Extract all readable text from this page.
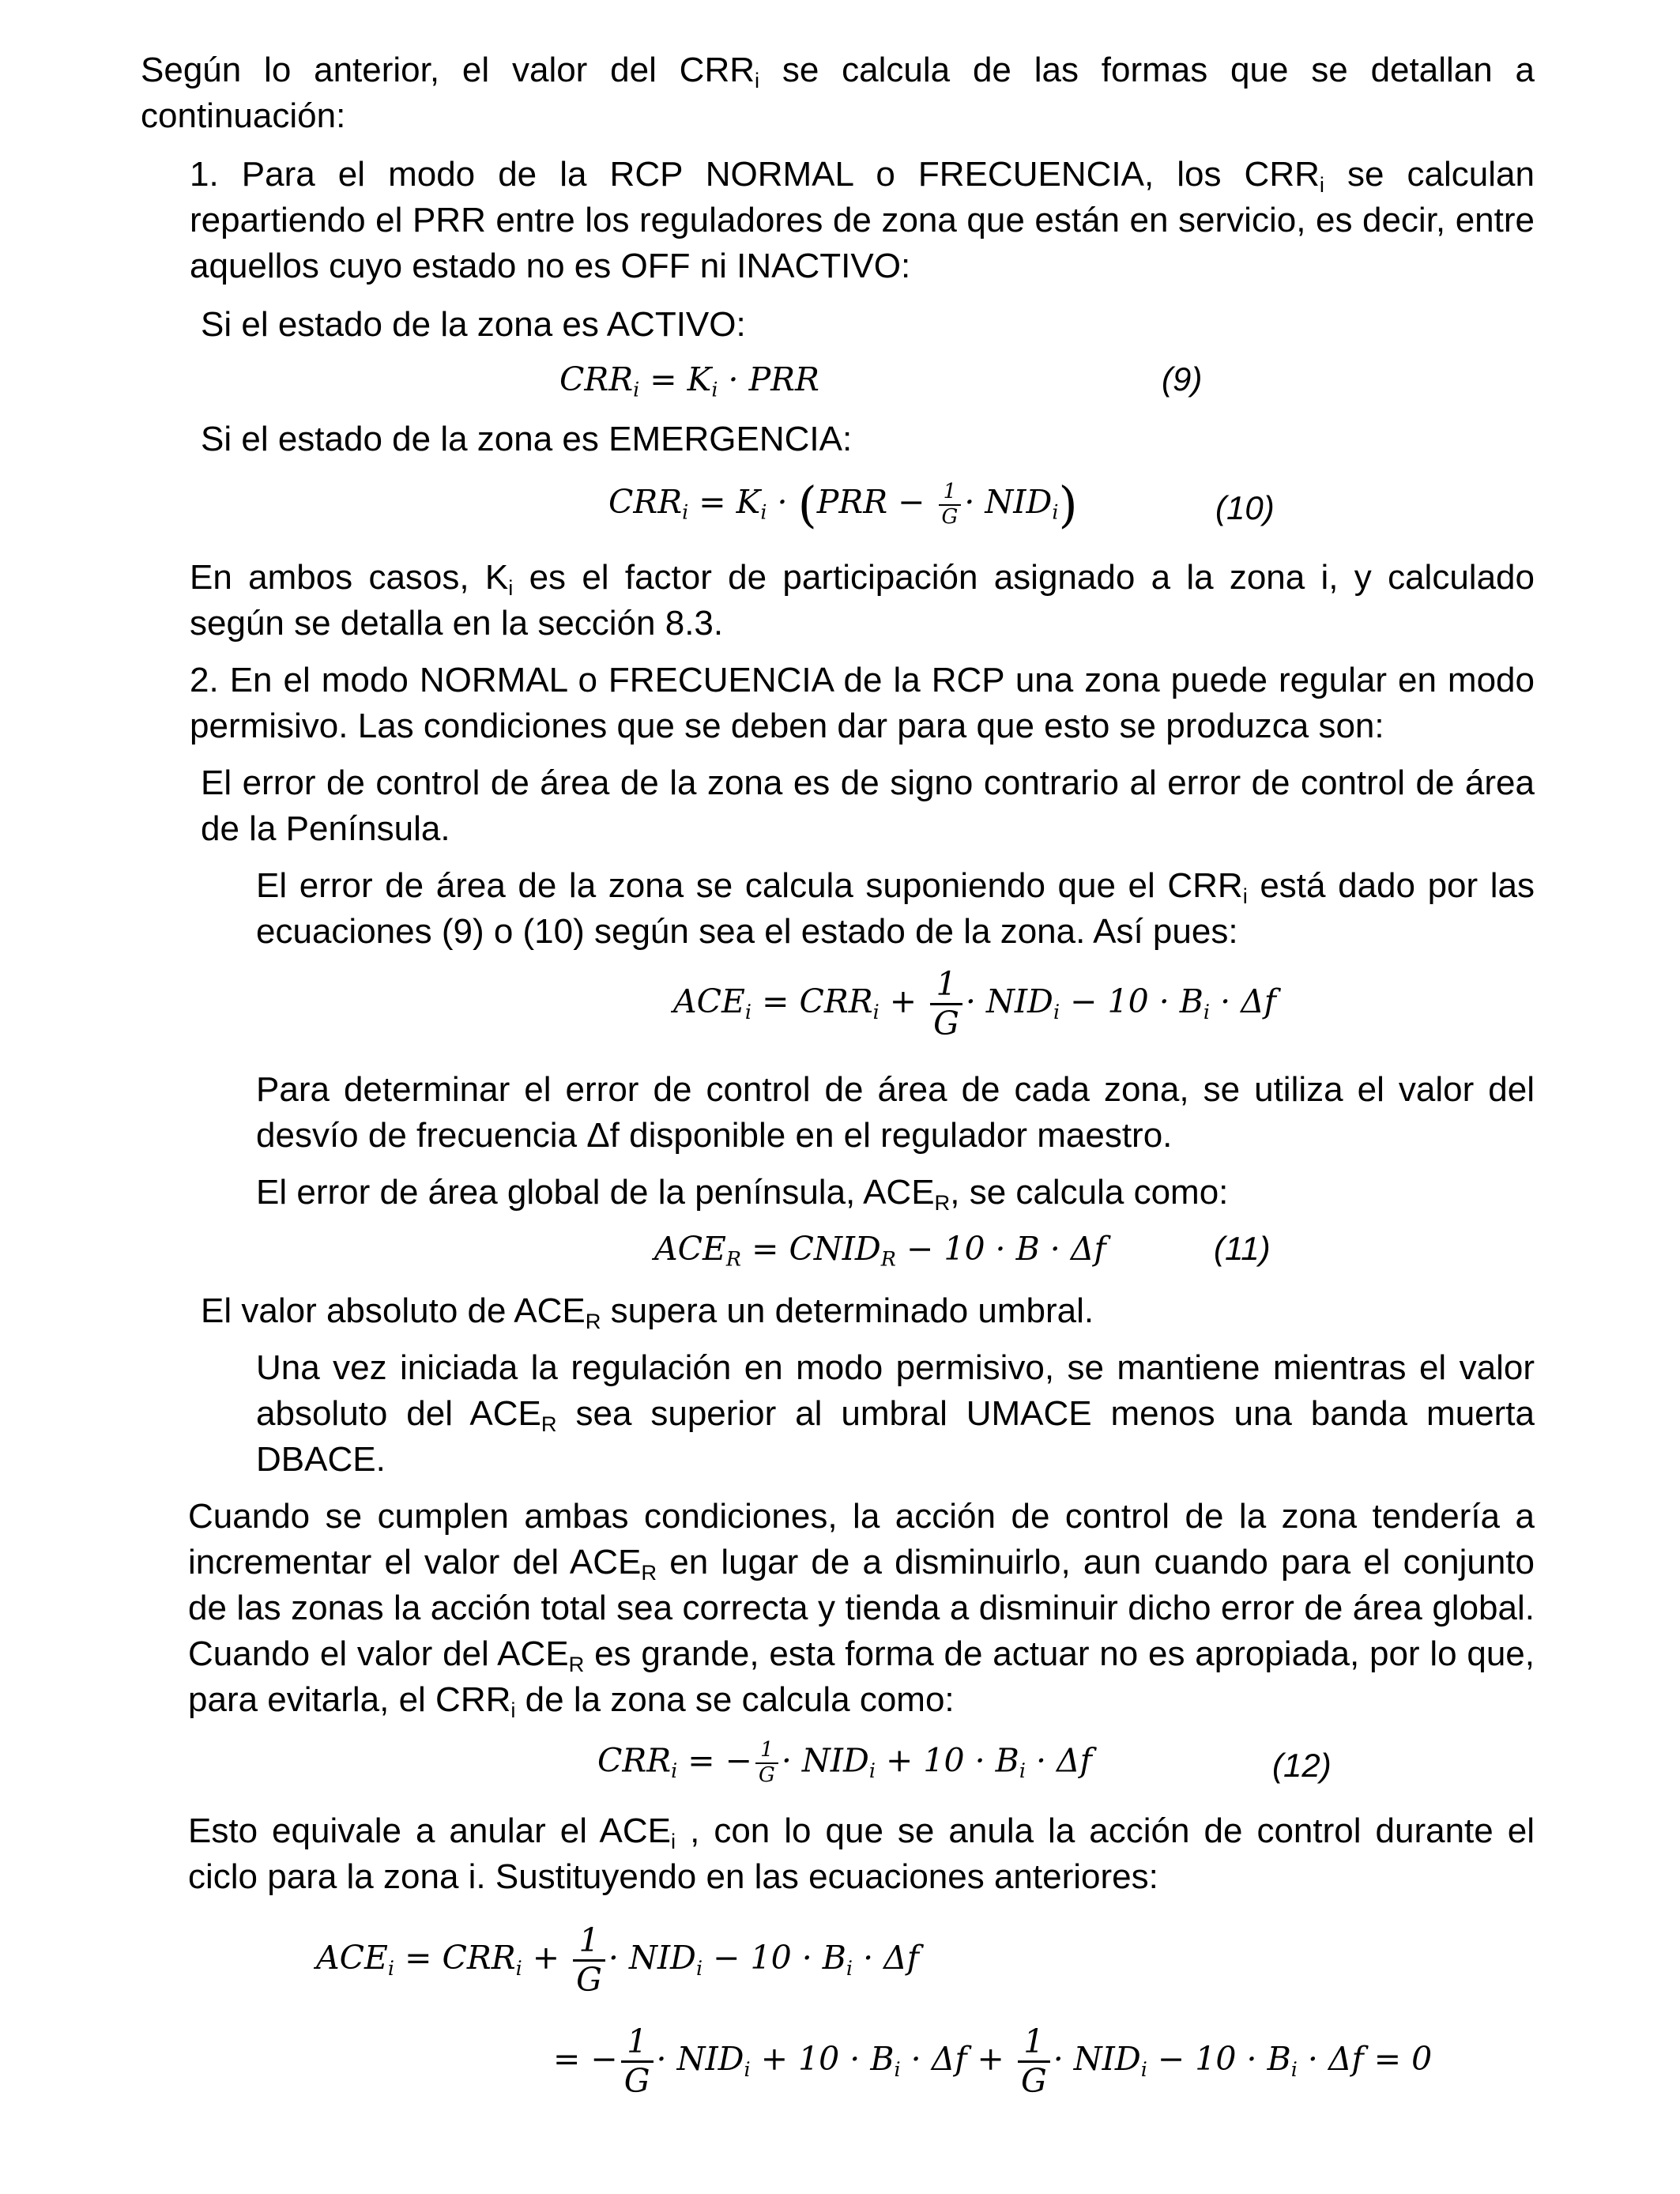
Según lo anterior, el valor del $CRR_i$ se calcula de las formas que se detallan a continuación:
1. Para el modo de la RCP NORMAL o FRECUENCIA, los $CRR_i$ se calculan repartiendo el PRR entre los reguladores de zona que están en servicio, es decir, entre aquellos cuyo estado no es OFF ni INACTIVO:
Si el estado de la zona es ACTIVO:
$CRR_i = K_i$ · PRR	(9)
Si el estado de la zona es EMERGENCIA:
$CRR_i = K_i \cdot (PRR - \frac{1}{G} \cdot NID_i)$	(10)
En ambos casos, $K_i$ es el factor de participación asignado a la zona i, y calculado según se detalla en la sección 8.3.
2. En el modo NORMAL o FRECUENCIA de la RCP una zona puede regular en modo permisivo. Las condiciones que se deben dar para que esto se produzca son:
El error de control de área de la zona es de signo contrario al error de control de área de la Península.
El error de área de la zona se calcula suponiendo que el $CRR_i$ está dado por las ecuaciones (9) o (10) según sea el estado de la zona. Así pues:
$ACE_i = CRR_i + \frac{1}{G} \cdot NID_i - 10 \cdot B_i \cdot \Delta f$
Para determinar el error de control de área de cada zona, se utiliza el valor del desvío de frecuencia Δf disponible en el regulador maestro.
El error de área global de la península, $ACE_R$, se calcula como:
$ACE_R$ = $CNID_R - 10 \cdot B \cdot \Delta f$	(11)
El valor absoluto de $ACE_R$ supera un determinado umbral.
Una vez iniciada la regulación en modo permisivo, se mantiene mientras el valor absoluto del $ACE_R$ sea superior al umbral UMACE menos una banda muerta DBACE.
Cuando se cumplen ambas condiciones, la acción de control de la zona tendería a incrementar el valor del $ACE_R$ en lugar de a disminuirlo, aun cuando para el conjunto de las zonas la acción total sea correcta y tienda a disminuir dicho error de área global. Cuando el valor del $ACE_R$ es grande, esta forma de actuar no es apropiada, por lo que, para evitarla, el $CRR_i$ de la zona se calcula como:
$CRR_i$ = − $\frac{1}{G} \cdot NID_i + 10 \cdot B_i \cdot \Delta f$	(12)
Esto equivale a anular el $ACE_i$ , con lo que se anula la acción de control durante el ciclo para la zona i. Sustituyendo en las ecuaciones anteriores:
$ACE_i = CRR_i + \frac{1}{G} \cdot NID_i - 10 \cdot B_i \cdot \Delta f$
= − $\frac{1}{G} \cdot NID_i + 10 \cdot B_i \cdot \Delta f + \frac{1}{G} \cdot NID_i - 10 \cdot B_i \cdot \Delta f = 0$
